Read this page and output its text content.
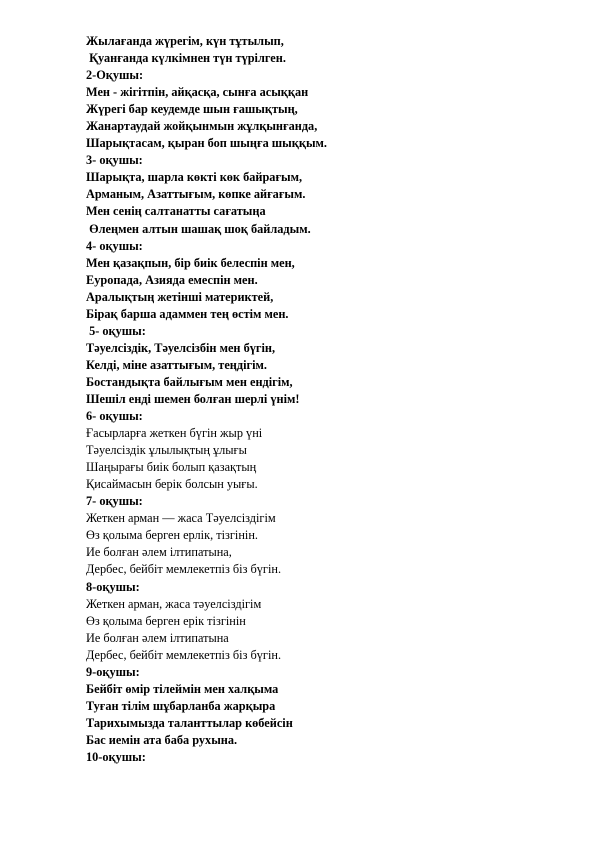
Жылағанда жүрегім, күн тұтылып,
Қуанғанда күлкімнен түн түрілген.
2-Оқушы:
Мен - жігітпін, айқасқа, сынға асыққан
Жүрегі бар кеудемде шын ғашықтың,
Жанартаудай жойқынмын жұлқынғанда,
Шарықтасам, қыран боп шыңға шыққым.
3- оқушы:
Шарықта, шарла көкті көк байрағым,
Арманым, Азаттығым, көпке айғағым.
Мен сенің салтанатты сағатыңа
Өлеңмен алтын шашақ шоқ байладым.
4- оқушы:
Мен қазақпын, бір биік белеспін мен,
Еуропада, Азияда емеспін мен.
Аралықтың жетінші материктей,
Бірақ барша адаммен тең өстім мен.
5- оқушы:
Тәуелсіздік, Тәуелсізбін мен бүгін,
Келді, міне азаттығым, теңдігім.
Бостандықта байлығым мен ендігім,
Шешіл енді шемен болған шерлі үнім!
6- оқушы:
Ғасырларға жеткен бүгін жыр үні
Тәуелсіздік ұлылықтың ұлығы
Шаңырағы биік болып қазақтың
Қисаймасын берік болсын уығы.
7- оқушы:
Жеткен арман — жаса Тәуелсіздігім
Өз қолыма берген ерлік, тізгінін.
Ие болған әлем ілтипатына,
Дербес, бейбіт мемлекетпіз біз бүгін.
8-оқушы:
Жеткен арман, жаса тәуелсіздігім
Өз қолыма берген ерік тізгінін
Ие болған әлем ілтипатына
Дербес, бейбіт мемлекетпіз біз бүгін.
9-оқушы:
Бейбіт өмір тілеймін мен халқыма
Туған тілім шұбарланба жарқыра
Тарихымызда таланттылар көбейсін
Бас иемін ата баба рухына.
10-оқушы:
